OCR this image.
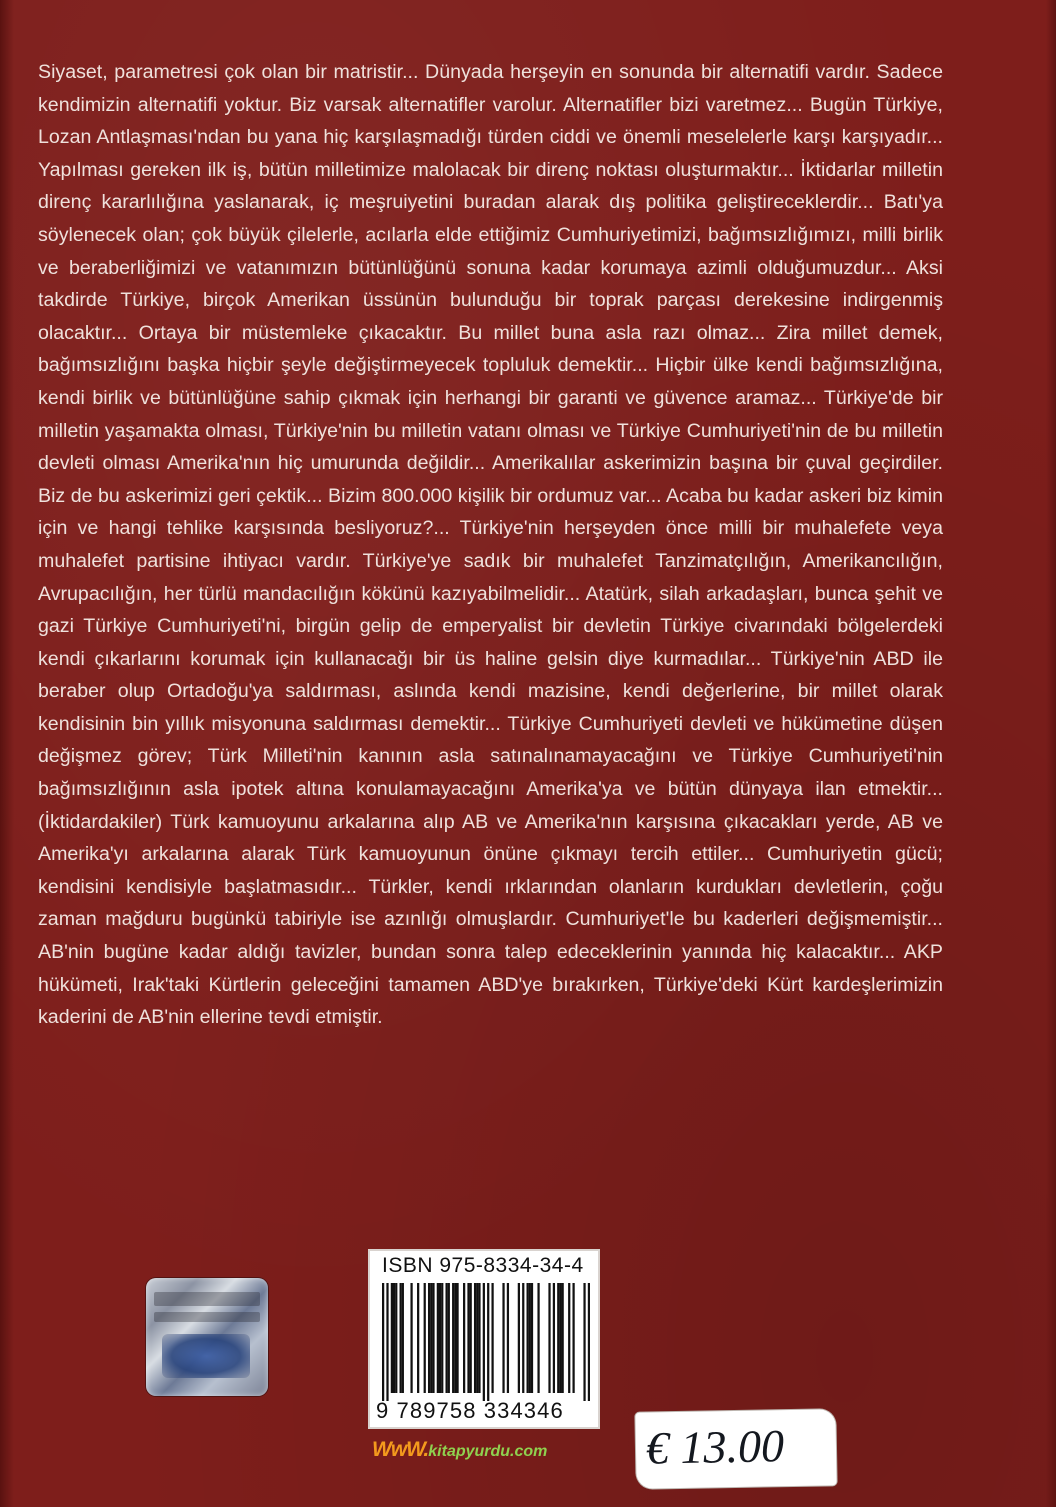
Siyaset, parametresi çok olan bir matristir... Dünyada herşeyin en sonunda bir alternatifi vardır. Sadece kendimizin alternatifi yoktur. Biz varsak alternatifler varolur. Alternatifler bizi varetmez... Bugün Türkiye, Lozan Antlaşması'ndan bu yana hiç karşılaşmadığı türden ciddi ve önemli meselelerle karşı karşıyadır... Yapılması gereken ilk iş, bütün milletimize malolacak bir direnç noktası oluşturmaktır... İktidarlar milletin direnç kararlılığına yaslanarak, iç meşruiyetini buradan alarak dış politika geliştireceklerdir... Batı'ya söylenecek olan; çok büyük çilelerle, acılarla elde ettiğimiz Cumhuriyetimizi, bağımsızlığımızı, milli birlik ve beraberliğimizi ve vatanımızın bütünlüğünü sonuna kadar korumaya azimli olduğumuzdur... Aksi takdirde Türkiye, birçok Amerikan üssünün bulunduğu bir toprak parçası derekesine indirgenmiş olacaktır... Ortaya bir müstemleke çıkacaktır. Bu millet buna asla razı olmaz... Zira millet demek, bağımsızlığını başka hiçbir şeyle değiştirmeyecek topluluk demektir... Hiçbir ülke kendi bağımsızlığına, kendi birlik ve bütünlüğüne sahip çıkmak için herhangi bir garanti ve güvence aramaz... Türkiye'de bir milletin yaşamakta olması, Türkiye'nin bu milletin vatanı olması ve Türkiye Cumhuriyeti'nin de bu milletin devleti olması Amerika'nın hiç umurunda değildir... Amerikalılar askerimizin başına bir çuval geçirdiler. Biz de bu askerimizi geri çektik... Bizim 800.000 kişilik bir ordumuz var... Acaba bu kadar askeri biz kimin için ve hangi tehlike karşısında besliyoruz?... Türkiye'nin herşeyden önce milli bir muhalefete veya muhalefet partisine ihtiyacı vardır. Türkiye'ye sadık bir muhalefet Tanzimatçılığın, Amerikancılığın, Avrupacılığın, her türlü mandacılığın kökünü kazıyabilmelidir... Atatürk, silah arkadaşları, bunca şehit ve gazi Türkiye Cumhuriyeti'ni, birgün gelip de emperyalist bir devletin Türkiye civarındaki bölgelerdeki kendi çıkarlarını korumak için kullanacağı bir üs haline gelsin diye kurmadılar... Türkiye'nin ABD ile beraber olup Ortadoğu'ya saldırması, aslında kendi mazisine, kendi değerlerine, bir millet olarak kendisinin bin yıllık misyonuna saldırması demektir... Türkiye Cumhuriyeti devleti ve hükümetine düşen değişmez görev; Türk Milleti'nin kanının asla satınalınamayacağını ve Türkiye Cumhuriyeti'nin bağımsızlığının asla ipotek altına konulamayacağını Amerika'ya ve bütün dünyaya ilan etmektir... (İktidardakiler) Türk kamuoyunu arkalarına alıp AB ve Amerika'nın karşısına çıkacakları yerde, AB ve Amerika'yı arkalarına alarak Türk kamuoyunun önüne çıkmayı tercih ettiler... Cumhuriyetin gücü; kendisini kendisiyle başlatmasıdır... Türkler, kendi ırklarından olanların kurdukları devletlerin, çoğu zaman mağduru bugünkü tabiriyle ise azınlığı olmuşlardır. Cumhuriyet'le bu kaderleri değişmemiştir... AB'nin bugüne kadar aldığı tavizler, bundan sonra talep edeceklerinin yanında hiç kalacaktır... AKP hükümeti, Irak'taki Kürtlerin geleceğini tamamen ABD'ye bırakırken, Türkiye'deki Kürt kardeşlerimizin kaderini de AB'nin ellerine tevdi etmiştir.

ISBN 975-8334-34-4
9 789758 334346
WwW.kitapyurdu.com € 13.00
